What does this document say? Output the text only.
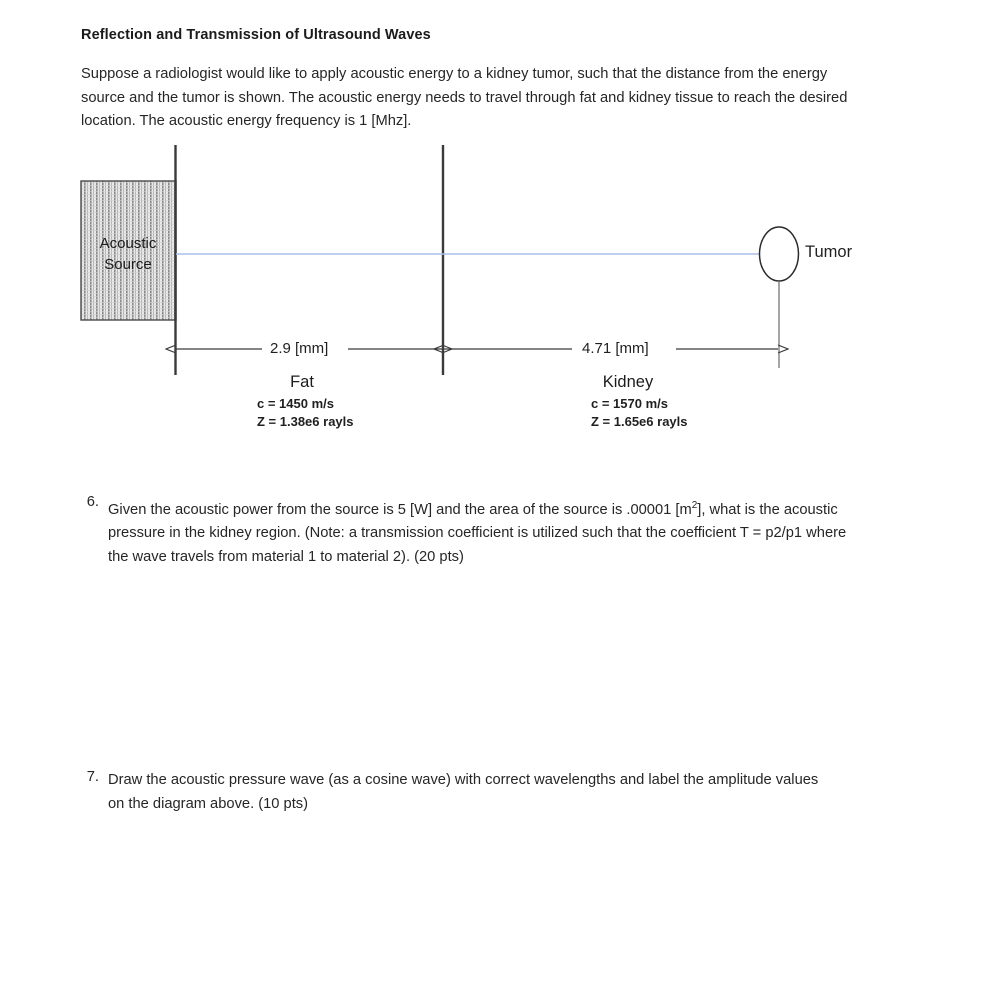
Reflection and Transmission of Ultrasound Waves
Suppose a radiologist would like to apply acoustic energy to a kidney tumor, such that the distance from the energy source and the tumor is shown. The acoustic energy needs to travel through fat and kidney tissue to reach the desired location. The acoustic energy frequency is 1 [Mhz].
Acoustic
Source
Tumor
2.9 [mm]	4.71 [mm]
Fat
c = 1450 m/s
Z = 1.38e6 rayls
Kidney
c = 1570 m/s
Z = 1.65e6 rayls
6. Given the acoustic power from the source is 5 [W] and the area of the source is .00001 $[m^2]$, what is the acoustic pressure in the kidney region. (Note: a transmission coefficient is utilized such that the coefficient T = p2/p1 where the wave travels from material 1 to material 2). (20 pts)
7. Draw the acoustic pressure wave (as a cosine wave) with correct wavelengths and label the amplitude values on the diagram above. (10 pts)
